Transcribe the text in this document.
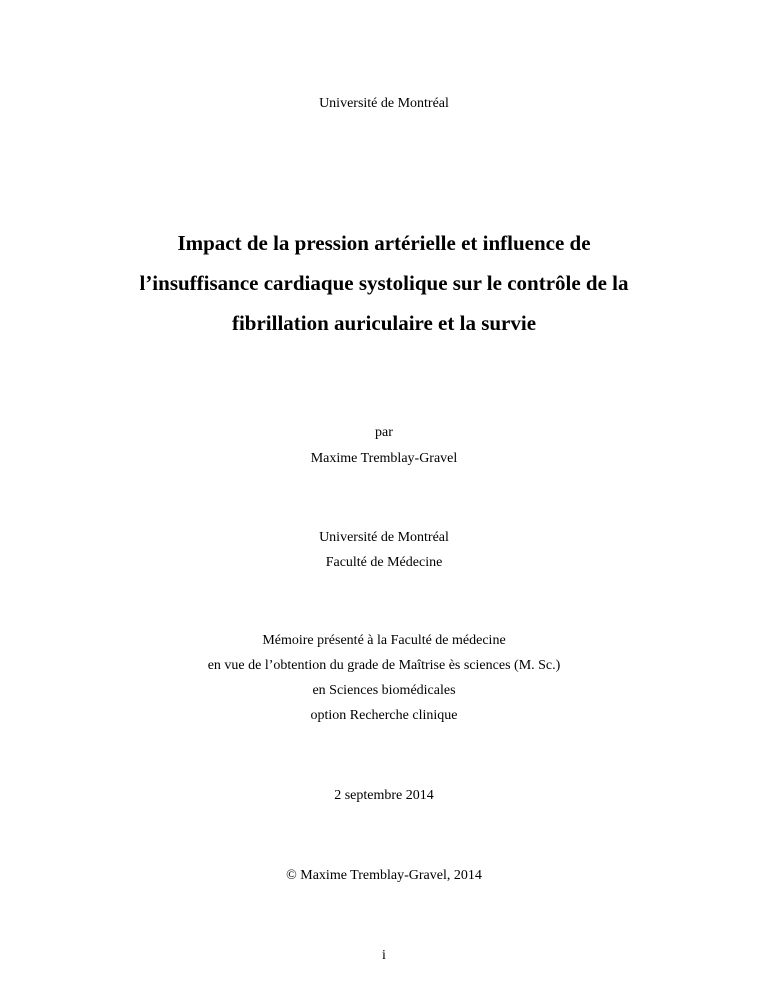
Université de Montréal
Impact de la pression artérielle et influence de
l’insuffisance cardiaque systolique sur le contrôle de la
fibrillation auriculaire et la survie
par
Maxime Tremblay-Gravel
Université de Montréal
Faculté de Médecine
Mémoire présenté à la Faculté de médecine
en vue de l’obtention du grade de Maîtrise ès sciences (M. Sc.)
en Sciences biomédicales
option Recherche clinique
2 septembre 2014
© Maxime Tremblay-Gravel, 2014
i
